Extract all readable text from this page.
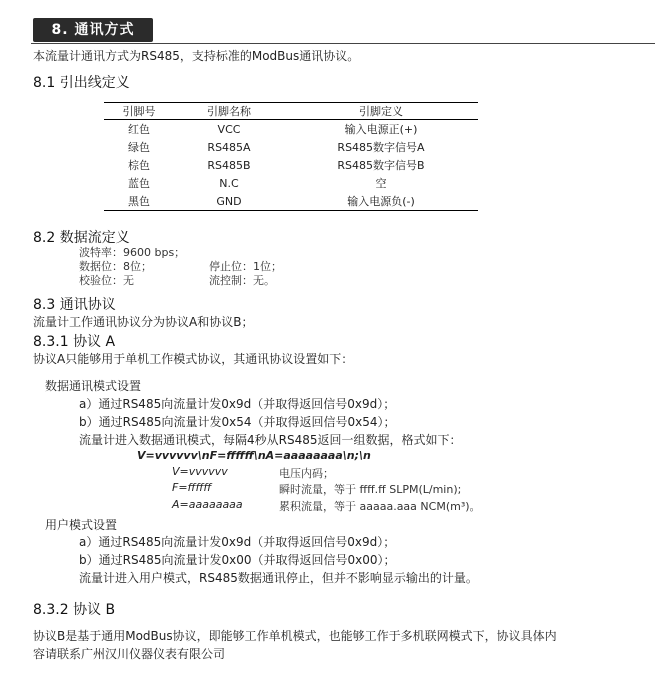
8. 通讯方式
本流量计通讯方式为RS485，支持标准的ModBus通讯协议。
8.1 引出线定义
引脚号	引脚名称	引脚定义
红色	VCC	输入电源正(+)
绿色	RS485A	RS485数字信号A
棕色	RS485B	RS485数字信号B
蓝色	N.C	空
黑色	GND	输入电源负(-)
8.2 数据流定义
波特率：9600 bps；
数据位：8位；	停止位：1位；
校验位：无	流控制：无。
8.3 通讯协议
流量计工作通讯协议分为协议A和协议B；
8.3.1 协议 A
协议A只能够用于单机工作模式协议，其通讯协议设置如下：
数据通讯模式设置
a）通过RS485向流量计发0x9d（并取得返回信号0x9d）；
b）通过RS485向流量计发0x54（并取得返回信号0x54）；
流量计进入数据通讯模式，每隔4秒从RS485返回一组数据，格式如下：
V=vvvvvv\nF=ffffff\nA=aaaaaaaa\n;\n
V=vvvvvv	电压内码；
F=ffffff	瞬时流量，等于 ffff.ff SLPM(L/min);
A=aaaaaaaa	累积流量，等于 aaaaa.aaa NCM(m³)。
用户模式设置
a）通过RS485向流量计发0x9d（并取得返回信号0x9d）；
b）通过RS485向流量计发0x00（并取得返回信号0x00）；
流量计进入用户模式，RS485数据通讯停止，但并不影响显示输出的计量。
8.3.2 协议 B
协议B是基于通用ModBus协议，即能够工作单机模式，也能够工作于多机联网模式下，协议具体内
容请联系广州汉川仪器仪表有限公司
